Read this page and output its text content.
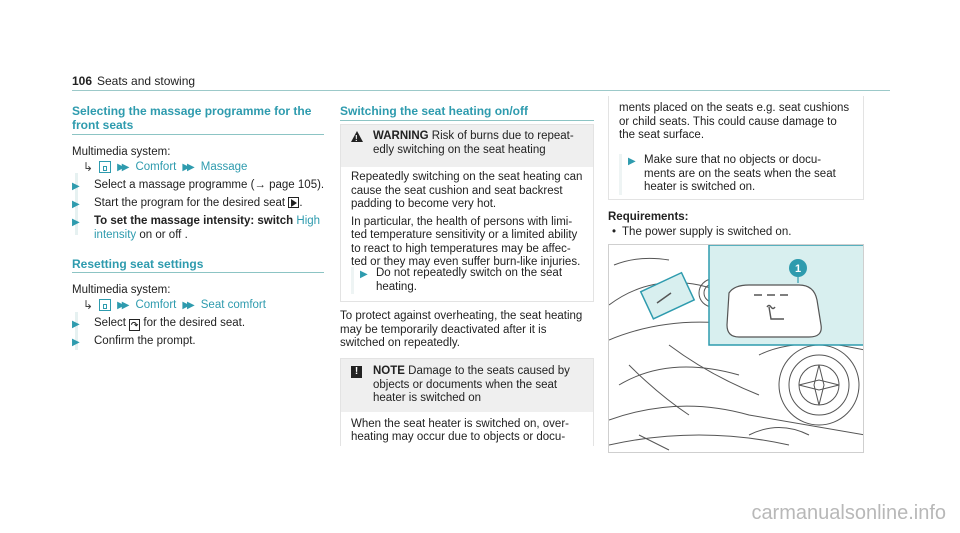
106 Seats and stowing
Selecting the massage programme for the
front seats
Multimedia system:
↳ ▶▶ Comfort ▶▶ Massage
▶ Select a massage programme (→ page 105).
▶ Start the program for the desired seat .
▶ To set the massage intensity: switch High
intensity on or off .
Resetting seat settings
Multimedia system:
↳ ▶▶ Comfort ▶▶ Seat comfort
▶ Select ↷ for the desired seat.
▶ Confirm the prompt.
Switching the seat heating on/off
!
WARNING Risk of burns due to repeat-
edly switching on the seat heating
Repeatedly switching on the seat heating can
cause the seat cushion and seat backrest
padding to become very hot.
In particular, the health of persons with limi-
ted temperature sensitivity or a limited ability
to react to high temperatures may be affec-
ted or they may even suffer burn-like injuries.
▶ Do not repeatedly switch on the seat
heating.
To protect against overheating, the seat heating
may be temporarily deactivated after it is
switched on repeatedly.
!	NOTE Damage to the seats caused by
objects or documents when the seat
heater is switched on
When the seat heater is switched on, over-
heating may occur due to objects or docu-
ments placed on the seats e.g. seat cushions
or child seats. This could cause damage to
the seat surface.
▶ Make sure that no objects or docu-
ments are on the seats when the seat
heater is switched on.
Requirements:
• The power supply is switched on.
1
carmanualsonline.info
